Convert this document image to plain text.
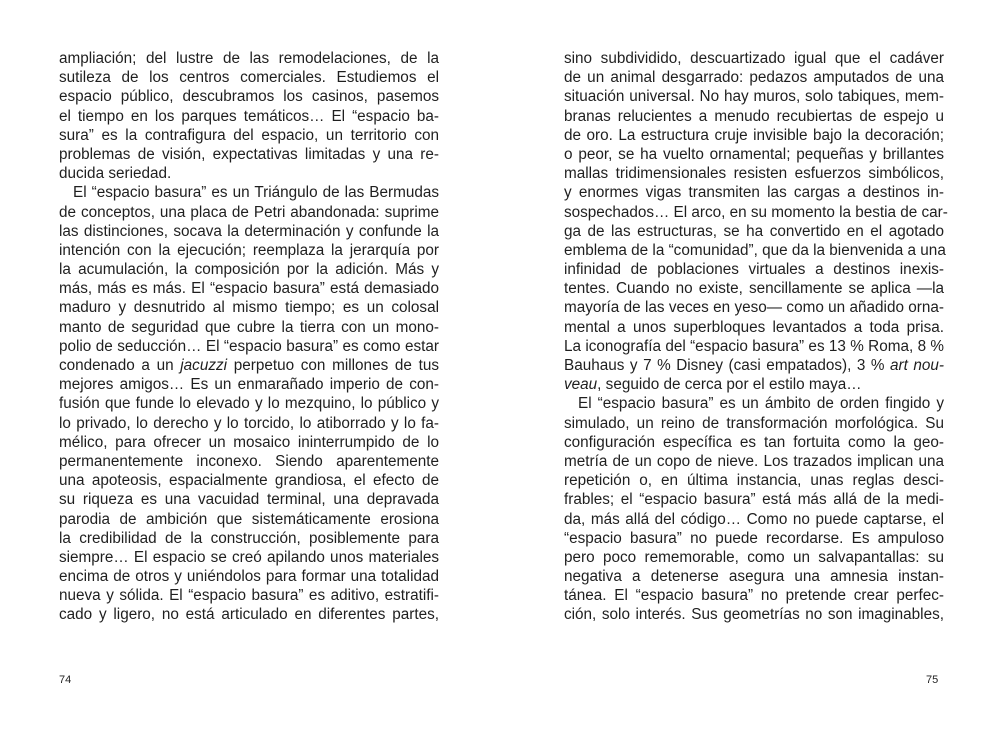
ampliación; del lustre de las remodelaciones, de la
sutileza de los centros comerciales. Estudiemos el
espacio público, descubramos los casinos, pasemos
el tiempo en los parques temáticos… El “espacio ba-
sura” es la contrafigura del espacio, un territorio con
problemas de visión, expectativas limitadas y una re-
ducida seriedad.
El “espacio basura” es un Triángulo de las Bermudas
de conceptos, una placa de Petri abandonada: suprime
las distinciones, socava la determinación y confunde la
intención con la ejecución; reemplaza la jerarquía por
la acumulación, la composición por la adición. Más y
más, más es más. El “espacio basura” está demasiado
maduro y desnutrido al mismo tiempo; es un colosal
manto de seguridad que cubre la tierra con un mono-
polio de seducción… El “espacio basura” es como estar
condenado a un jacuzzi perpetuo con millones de tus
mejores amigos… Es un enmarañado imperio de con-
fusión que funde lo elevado y lo mezquino, lo público y
lo privado, lo derecho y lo torcido, lo atiborrado y lo fa-
mélico, para ofrecer un mosaico ininterrumpido de lo
permanentemente inconexo. Siendo aparentemente
una apoteosis, espacialmente grandiosa, el efecto de
su riqueza es una vacuidad terminal, una depravada
parodia de ambición que sistemáticamente erosiona
la credibilidad de la construcción, posiblemente para
siempre… El espacio se creó apilando unos materiales
encima de otros y uniéndolos para formar una totalidad
nueva y sólida. El “espacio basura” es aditivo, estratifi-
cado y ligero, no está articulado en diferentes partes,
74
sino subdividido, descuartizado igual que el cadáver
de un animal desgarrado: pedazos amputados de una
situación universal. No hay muros, solo tabiques, mem-
branas relucientes a menudo recubiertas de espejo u
de oro. La estructura cruje invisible bajo la decoración;
o peor, se ha vuelto ornamental; pequeñas y brillantes
mallas tridimensionales resisten esfuerzos simbólicos,
y enormes vigas transmiten las cargas a destinos in-
sospechados… El arco, en su momento la bestia de car-
ga de las estructuras, se ha convertido en el agotado
emblema de la “comunidad”, que da la bienvenida a una
infinidad de poblaciones virtuales a destinos inexis-
tentes. Cuando no existe, sencillamente se aplica —la
mayoría de las veces en yeso— como un añadido orna-
mental a unos superbloques levantados a toda prisa.
La iconografía del “espacio basura” es 13 % Roma, 8 %
Bauhaus y 7 % Disney (casi empatados), 3 % art nou-
veau, seguido de cerca por el estilo maya…
El “espacio basura” es un ámbito de orden fingido y
simulado, un reino de transformación morfológica. Su
configuración específica es tan fortuita como la geo-
metría de un copo de nieve. Los trazados implican una
repetición o, en última instancia, unas reglas desci-
frables; el “espacio basura” está más allá de la medi-
da, más allá del código… Como no puede captarse, el
“espacio basura” no puede recordarse. Es ampuloso
pero poco rememorable, como un salvapantallas: su
negativa a detenerse asegura una amnesia instan-
tánea. El “espacio basura” no pretende crear perfec-
ción, solo interés. Sus geometrías no son imaginables,
75
